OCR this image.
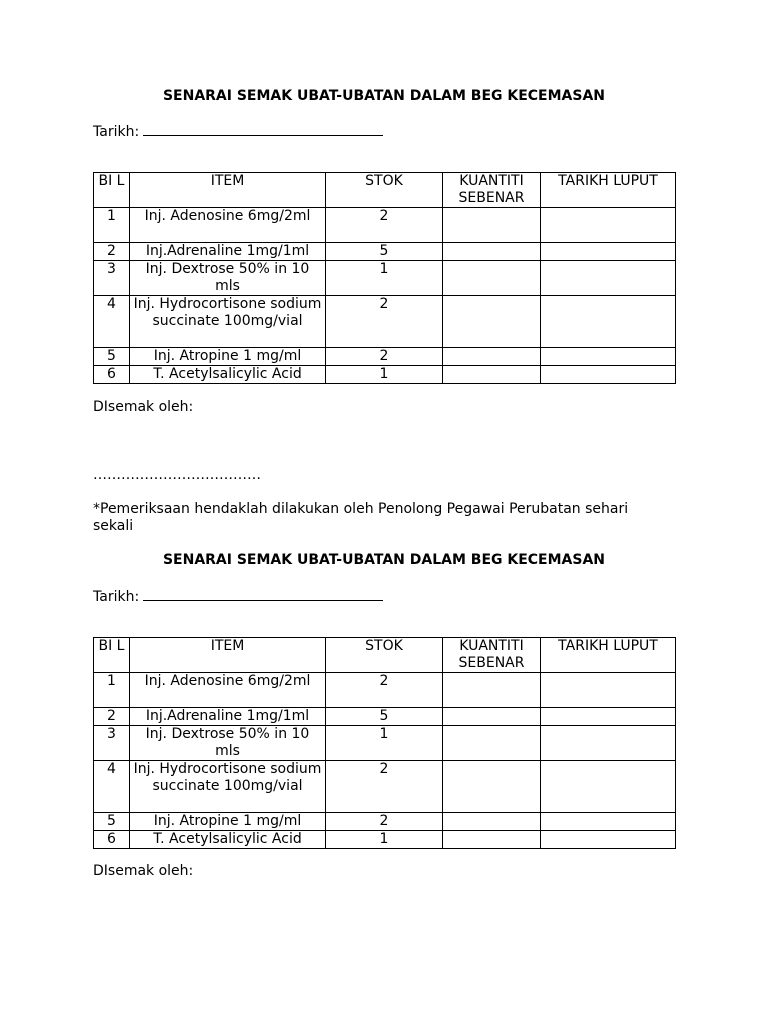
SENARAI SEMAK UBAT-UBATAN DALAM BEG KECEMASAN
Tarikh:
BI L	ITEM	STOK	KUANTITI SEBENAR	TARIKH LUPUT
1	Inj. Adenosine 6mg/2ml	2		
2	Inj.Adrenaline 1mg/1ml	5		
3	Inj. Dextrose 50% in 10 mls	1		
4	Inj. Hydrocortisone sodium succinate 100mg/vial	2		
5	Inj. Atropine 1 mg/ml	2		
6	T. Acetylsalicylic Acid	1		
DIsemak oleh:
………………………………
*Pemeriksaan hendaklah dilakukan oleh Penolong Pegawai Perubatan sehari sekali
SENARAI SEMAK UBAT-UBATAN DALAM BEG KECEMASAN
Tarikh:
BI L	ITEM	STOK	KUANTITI SEBENAR	TARIKH LUPUT
1	Inj. Adenosine 6mg/2ml	2		
2	Inj.Adrenaline 1mg/1ml	5		
3	Inj. Dextrose 50% in 10 mls	1		
4	Inj. Hydrocortisone sodium succinate 100mg/vial	2		
5	Inj. Atropine 1 mg/ml	2		
6	T. Acetylsalicylic Acid	1		
DIsemak oleh:
